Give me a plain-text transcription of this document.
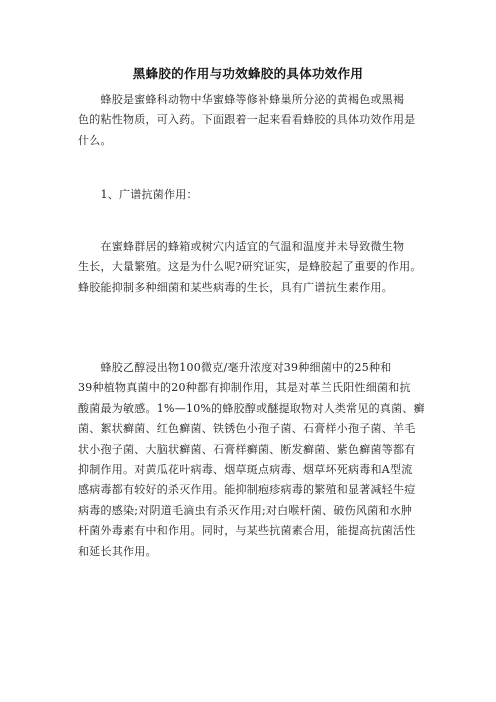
黑蜂胶的作用与功效蜂胶的具体功效作用

　　蜂胶是蜜蜂科动物中华蜜蜂等修补蜂巢所分泌的黄褐色或黑褐
色的粘性物质，可入药。下面跟着一起来看看蜂胶的具体功效作用是
什么。

　　1、广谱抗菌作用：

　　在蜜蜂群居的蜂箱或树穴内适宜的气温和温度并未导致微生物
生长，大量繁殖。这是为什么呢?研究证实，是蜂胶起了重要的作用。
蜂胶能抑制多种细菌和某些病毒的生长，具有广谱抗生素作用。

　　蜂胶乙醇浸出物100微克/毫升浓度对39种细菌中的25种和
39种植物真菌中的20种都有抑制作用，其是对革兰氏阳性细菌和抗
酸菌最为敏感。1%—10%的蜂胶醇或醚提取物对人类常见的真菌、癣
菌、絮状癣菌、红色癣菌、铁锈色小孢子菌、石膏样小孢子菌、羊毛
状小孢子菌、大脑状癣菌、石膏样癣菌、断发癣菌、紫色癣菌等都有
抑制作用。对黄瓜花叶病毒、烟草斑点病毒、烟草坏死病毒和A型流
感病毒都有较好的杀灭作用。能抑制疱疹病毒的繁殖和显著减轻牛痘
病毒的感染;对阴道毛滴虫有杀灭作用;对白喉杆菌、破伤风菌和水肿
杆菌外毒素有中和作用。同时，与某些抗菌素合用，能提高抗菌活性
和延长其作用。
